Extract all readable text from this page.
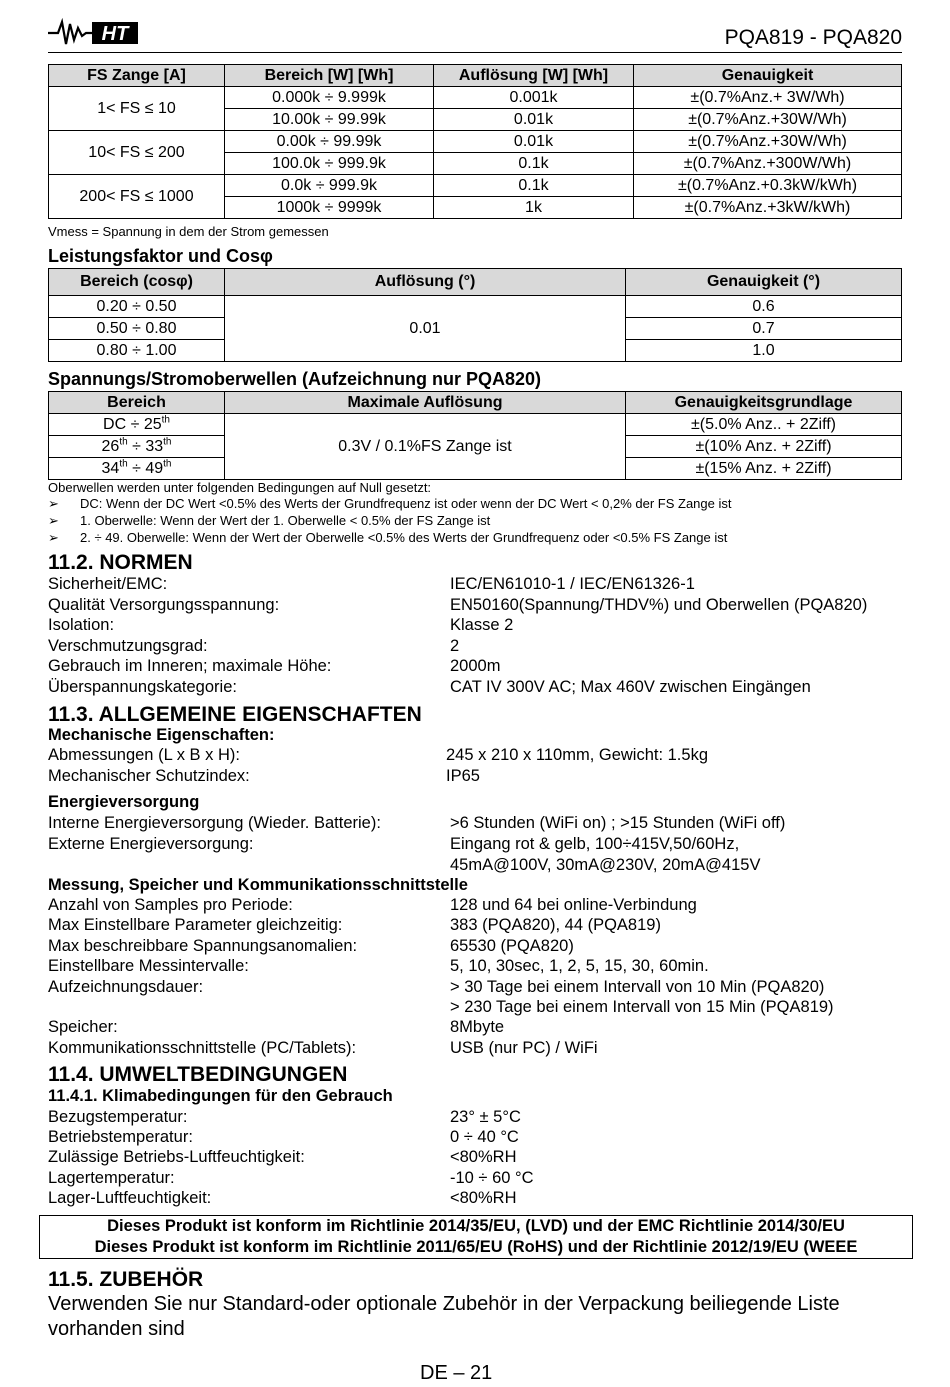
HT	PQA819 - PQA820
FS Zange [A]	Bereich [W] [Wh]	Auflösung [W] [Wh]	Genauigkeit
1< FS ≤ 10	0.000k ÷ 9.999k	0.001k	±(0.7%Anz.+ 3W/Wh)
	10.00k ÷ 99.99k	0.01k	±(0.7%Anz.+30W/Wh)
10< FS ≤ 200	0.00k ÷ 99.99k	0.01k	±(0.7%Anz.+30W/Wh)
	100.0k ÷ 999.9k	0.1k	±(0.7%Anz.+300W/Wh)
200< FS ≤ 1000	0.0k ÷ 999.9k	0.1k	±(0.7%Anz.+0.3kW/kWh)
	1000k ÷ 9999k	1k	±(0.7%Anz.+3kW/kWh)
Vmess = Spannung in dem der Strom gemessen
Leistungsfaktor und Cosφ
Bereich (cosφ)	Auflösung (°)	Genauigkeit (°)
0.20 ÷ 0.50	0.01	0.6
0.50 ÷ 0.80		0.7
0.80 ÷ 1.00		1.0
Spannungs/Stromoberwellen (Aufzeichnung nur PQA820)
Bereich	Maximale Auflösung	Genauigkeitsgrundlage
DC ÷ 25th	0.3V / 0.1%FS Zange ist	±(5.0% Anz.. + 2Ziff)
26th ÷ 33th		±(10% Anz. + 2Ziff)
34th ÷ 49th		±(15% Anz. + 2Ziff)
Oberwellen werden unter folgenden Bedingungen auf Null gesetzt:
➢ DC: Wenn der DC Wert <0.5% des Werts der Grundfrequenz ist oder wenn der DC Wert < 0,2% der FS Zange ist
➢ 1. Oberwelle: Wenn der Wert der 1. Oberwelle < 0.5% der FS Zange ist
➢ 2. ÷ 49. Oberwelle: Wenn der Wert der Oberwelle <0.5% des Werts der Grundfrequenz oder <0.5% FS Zange ist
11.2. NORMEN
Sicherheit/EMC:	IEC/EN61010-1 / IEC/EN61326-1
Qualität Versorgungsspannung:	EN50160(Spannung/THDV%) und Oberwellen (PQA820)
Isolation:	Klasse 2
Verschmutzungsgrad:	2
Gebrauch im Inneren; maximale Höhe:	2000m
Überspannungskategorie:	CAT IV 300V AC; Max 460V zwischen Eingängen
11.3. ALLGEMEINE EIGENSCHAFTEN
Mechanische Eigenschaften:
Abmessungen (L x B x H):	245 x 210 x 110mm, Gewicht: 1.5kg
Mechanischer Schutzindex:	IP65
Energieversorgung
Interne Energieversorgung (Wieder. Batterie):	>6 Stunden (WiFi on) ; >15 Stunden (WiFi off)
Externe Energieversorgung:	Eingang rot & gelb, 100÷415V,50/60Hz,
45mA@100V, 30mA@230V, 20mA@415V
Messung, Speicher und Kommunikationsschnittstelle
Anzahl von Samples pro Periode:	128 und 64 bei online-Verbindung
Max Einstellbare Parameter gleichzeitig:	383 (PQA820), 44 (PQA819)
Max beschreibbare Spannungsanomalien:	65530 (PQA820)
Einstellbare Messintervalle:	5, 10, 30sec, 1, 2, 5, 15, 30, 60min.
Aufzeichnungsdauer:	> 30 Tage bei einem Intervall von 10 Min (PQA820)
> 230 Tage bei einem Intervall von 15 Min (PQA819)
Speicher:	8Mbyte
Kommunikationsschnittstelle (PC/Tablets):	USB (nur PC) / WiFi
11.4. UMWELTBEDINGUNGEN
11.4.1. Klimabedingungen für den Gebrauch
Bezugstemperatur:	23° ± 5°C
Betriebstemperatur:	0 ÷ 40 °C
Zulässige Betriebs-Luftfeuchtigkeit:	<80%RH
Lagertemperatur:	-10 ÷ 60 °C
Lager-Luftfeuchtigkeit:	<80%RH
Dieses Produkt ist konform im Richtlinie 2014/35/EU, (LVD) und der EMC Richtlinie 2014/30/EU
Dieses Produkt ist konform im Richtlinie 2011/65/EU (RoHS) und der Richtlinie 2012/19/EU (WEEE
11.5. ZUBEHÖR
Verwenden Sie nur Standard-oder optionale Zubehör in der Verpackung beiliegende Liste vorhanden sind
DE – 21
